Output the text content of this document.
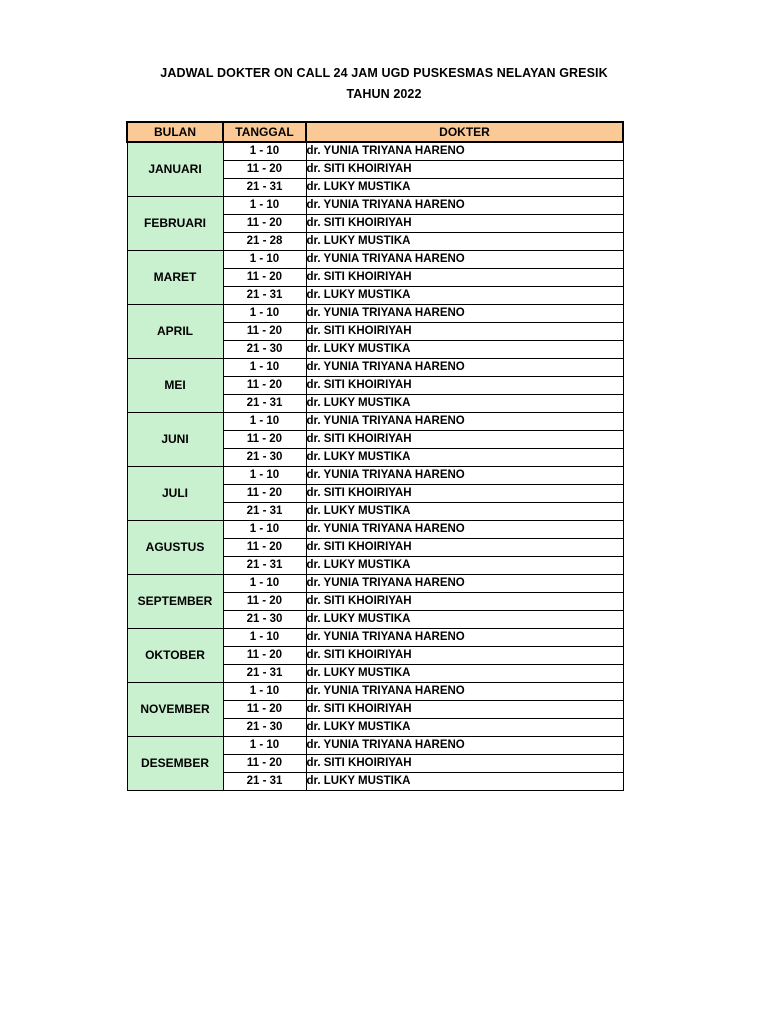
JADWAL DOKTER ON CALL 24 JAM UGD PUSKESMAS NELAYAN GRESIK
TAHUN 2022
BULAN	TANGGAL	DOKTER
JANUARI	1 - 10	dr. YUNIA TRIYANA HARENO
	11 - 20	dr. SITI KHOIRIYAH
	21 - 31	dr. LUKY MUSTIKA
FEBRUARI	1 - 10	dr. YUNIA TRIYANA HARENO
	11 - 20	dr. SITI KHOIRIYAH
	21 - 28	dr. LUKY MUSTIKA
MARET	1 - 10	dr. YUNIA TRIYANA HARENO
	11 - 20	dr. SITI KHOIRIYAH
	21 - 31	dr. LUKY MUSTIKA
APRIL	1 - 10	dr. YUNIA TRIYANA HARENO
	11 - 20	dr. SITI KHOIRIYAH
	21 - 30	dr. LUKY MUSTIKA
MEI	1 - 10	dr. YUNIA TRIYANA HARENO
	11 - 20	dr. SITI KHOIRIYAH
	21 - 31	dr. LUKY MUSTIKA
JUNI	1 - 10	dr. YUNIA TRIYANA HARENO
	11 - 20	dr. SITI KHOIRIYAH
	21 - 30	dr. LUKY MUSTIKA
JULI	1 - 10	dr. YUNIA TRIYANA HARENO
	11 - 20	dr. SITI KHOIRIYAH
	21 - 31	dr. LUKY MUSTIKA
AGUSTUS	1 - 10	dr. YUNIA TRIYANA HARENO
	11 - 20	dr. SITI KHOIRIYAH
	21 - 31	dr. LUKY MUSTIKA
SEPTEMBER	1 - 10	dr. YUNIA TRIYANA HARENO
	11 - 20	dr. SITI KHOIRIYAH
	21 - 30	dr. LUKY MUSTIKA
OKTOBER	1 - 10	dr. YUNIA TRIYANA HARENO
	11 - 20	dr. SITI KHOIRIYAH
	21 - 31	dr. LUKY MUSTIKA
NOVEMBER	1 - 10	dr. YUNIA TRIYANA HARENO
	11 - 20	dr. SITI KHOIRIYAH
	21 - 30	dr. LUKY MUSTIKA
DESEMBER	1 - 10	dr. YUNIA TRIYANA HARENO
	11 - 20	dr. SITI KHOIRIYAH
	21 - 31	dr. LUKY MUSTIKA
